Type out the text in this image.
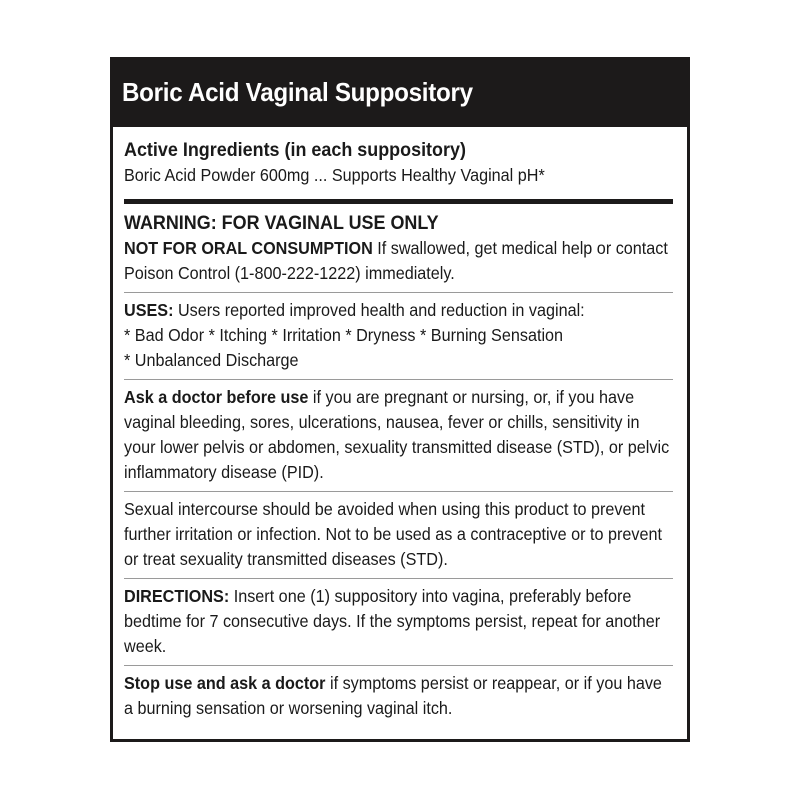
Boric Acid Vaginal Suppository
Active Ingredients (in each suppository)
Boric Acid Powder 600mg ... Supports Healthy Vaginal pH*
WARNING: FOR VAGINAL USE ONLY
NOT FOR ORAL CONSUMPTION If swallowed, get medical help or contact Poison Control (1-800-222-1222) immediately.
USES: Users reported improved health and reduction in vaginal:
* Bad Odor * Itching * Irritation * Dryness * Burning Sensation
* Unbalanced Discharge
Ask a doctor before use if you are pregnant or nursing, or, if you have vaginal bleeding, sores, ulcerations, nausea, fever or chills, sensitivity in your lower pelvis or abdomen, sexuality transmitted disease (STD), or pelvic inflammatory disease (PID).
Sexual intercourse should be avoided when using this product to prevent further irritation or infection. Not to be used as a contraceptive or to prevent or treat sexuality transmitted diseases (STD).
DIRECTIONS: Insert one (1) suppository into vagina, preferably before bedtime for 7 consecutive days. If the symptoms persist, repeat for another week.
Stop use and ask a doctor if symptoms persist or reappear, or if you have a burning sensation or worsening vaginal itch.
